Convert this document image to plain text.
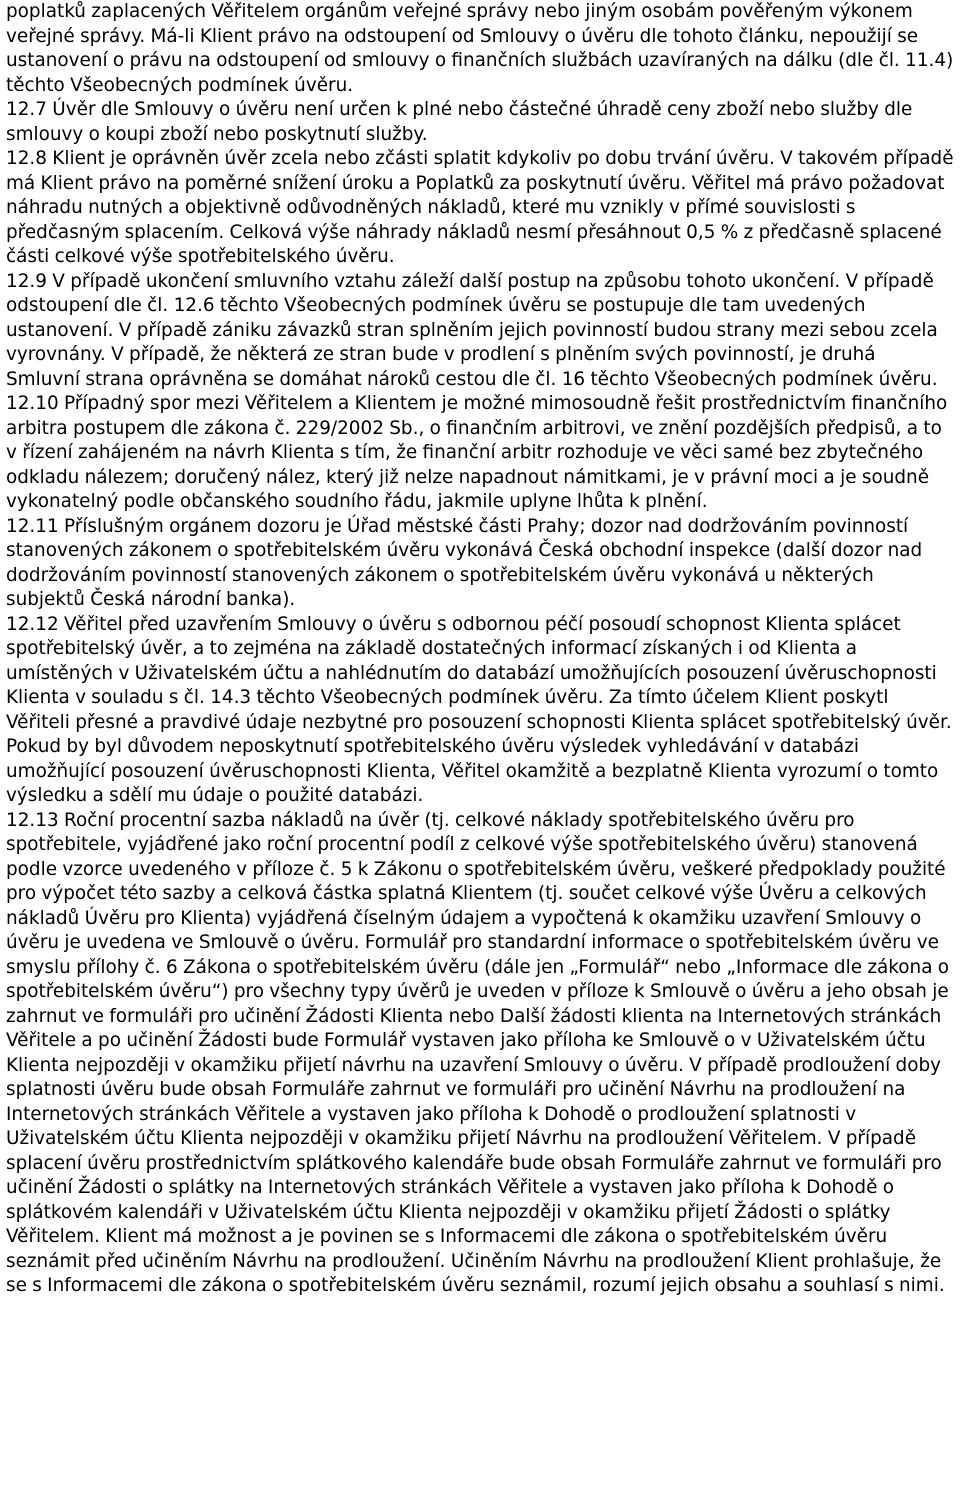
poplatků zaplacených Věřitelem orgánům veřejné správy nebo jiným osobám pověřeným výkonem veřejné správy. Má-li Klient právo na odstoupení od Smlouvy o úvěru dle tohoto článku, nepoužijí se ustanovení o právu na odstoupení od smlouvy o finančních službách uzavíraných na dálku (dle čl. 11.4) těchto Všeobecných podmínek úvěru.

12.7 Úvěr dle Smlouvy o úvěru není určen k plné nebo částečné úhradě ceny zboží nebo služby dle smlouvy o koupi zboží nebo poskytnutí služby.

12.8 Klient je oprávněn úvěr zcela nebo zčásti splatit kdykoliv po dobu trvání úvěru. V takovém případě má Klient právo na poměrné snížení úroku a Poplatků za poskytnutí úvěru. Věřitel má právo požadovat náhradu nutných a objektivně odůvodněných nákladů, které mu vznikly v přímé souvislosti s předčasným splacením. Celková výše náhrady nákladů nesmí přesáhnout 0,5 % z předčasně splacené části celkové výše spotřebitelského úvěru.

12.9 V případě ukončení smluvního vztahu záleží další postup na způsobu tohoto ukončení. V případě odstoupení dle čl. 12.6 těchto Všeobecných podmínek úvěru se postupuje dle tam uvedených ustanovení. V případě zániku závazků stran splněním jejich povinností budou strany mezi sebou zcela vyrovnány. V případě, že některá ze stran bude v prodlení s plněním svých povinností, je druhá Smluvní strana oprávněna se domáhat nároků cestou dle čl. 16 těchto Všeobecných podmínek úvěru.

12.10 Případný spor mezi Věřitelem a Klientem je možné mimosoudně řešit prostřednictvím finančního arbitra postupem dle zákona č. 229/2002 Sb., o finančním arbitrovi, ve znění pozdějších předpisů, a to v řízení zahájeném na návrh Klienta s tím, že finanční arbitr rozhoduje ve věci samé bez zbytečného odkladu nálezem; doručený nález, který již nelze napadnout námitkami, je v právní moci a je soudně vykonatelný podle občanského soudního řádu, jakmile uplyne lhůta k plnění.

12.11 Příslušným orgánem dozoru je Úřad městské části Prahy; dozor nad dodržováním povinností stanovených zákonem o spotřebitelském úvěru vykonává Česká obchodní inspekce (další dozor nad dodržováním povinností stanovených zákonem o spotřebitelském úvěru vykonává u některých subjektů Česká národní banka).

12.12 Věřitel před uzavřením Smlouvy o úvěru s odbornou péčí posoudí schopnost Klienta splácet spotřebitelský úvěr, a to zejména na základě dostatečných informací získaných i od Klienta a umístěných v Uživatelském účtu a nahlédnutím do databází umožňujících posouzení úvěruschopnosti Klienta v souladu s čl. 14.3 těchto Všeobecných podmínek úvěru. Za tímto účelem Klient poskytl Věřiteli přesné a pravdivé údaje nezbytné pro posouzení schopnosti Klienta splácet spotřebitelský úvěr. Pokud by byl důvodem neposkytnutí spotřebitelského úvěru výsledek vyhledávání v databázi umožňující posouzení úvěruschopnosti Klienta, Věřitel okamžitě a bezplatně Klienta vyrozumí o tomto výsledku a sdělí mu údaje o použité databázi.

12.13 Roční procentní sazba nákladů na úvěr (tj. celkové náklady spotřebitelského úvěru pro spotřebitele, vyjádřené jako roční procentní podíl z celkové výše spotřebitelského úvěru) stanovená podle vzorce uvedeného v příloze č. 5 k Zákonu o spotřebitelském úvěru, veškeré předpoklady použité pro výpočet této sazby a celková částka splatná Klientem (tj. součet celkové výše Úvěru a celkových nákladů Úvěru pro Klienta) vyjádřená číselným údajem a vypočtená k okamžiku uzavření Smlouvy o úvěru je uvedena ve Smlouvě o úvěru. Formulář pro standardní informace o spotřebitelském úvěru ve smyslu přílohy č. 6 Zákona o spotřebitelském úvěru (dále jen „Formulář“ nebo „Informace dle zákona o spotřebitelském úvěru“) pro všechny typy úvěrů je uveden v příloze k Smlouvě o úvěru a jeho obsah je zahrnut ve formuláři pro učinění Žádosti Klienta nebo Další žádosti klienta na Internetových stránkách Věřitele a po učinění Žádosti bude Formulář vystaven jako příloha ke Smlouvě o v Uživatelském účtu Klienta nejpozději v okamžiku přijetí návrhu na uzavření Smlouvy o úvěru. V případě prodloužení doby splatnosti úvěru bude obsah Formuláře zahrnut ve formuláři pro učinění Návrhu na prodloužení na Internetových stránkách Věřitele a vystaven jako příloha k Dohodě o prodloužení splatnosti v Uživatelském účtu Klienta nejpozději v okamžiku přijetí Návrhu na prodloužení Věřitelem. V případě splacení úvěru prostřednictvím splátkového kalendáře bude obsah Formuláře zahrnut ve formuláři pro učinění Žádosti o splátky na Internetových stránkách Věřitele a vystaven jako příloha k Dohodě o splátkovém kalendáři v Uživatelském účtu Klienta nejpozději v okamžiku přijetí Žádosti o splátky Věřitelem. Klient má možnost a je povinen se s Informacemi dle zákona o spotřebitelském úvěru seznámit před učiněním Návrhu na prodloužení. Učiněním Návrhu na prodloužení Klient prohlašuje, že se s Informacemi dle zákona o spotřebitelském úvěru seznámil, rozumí jejich obsahu a souhlasí s nimi.
